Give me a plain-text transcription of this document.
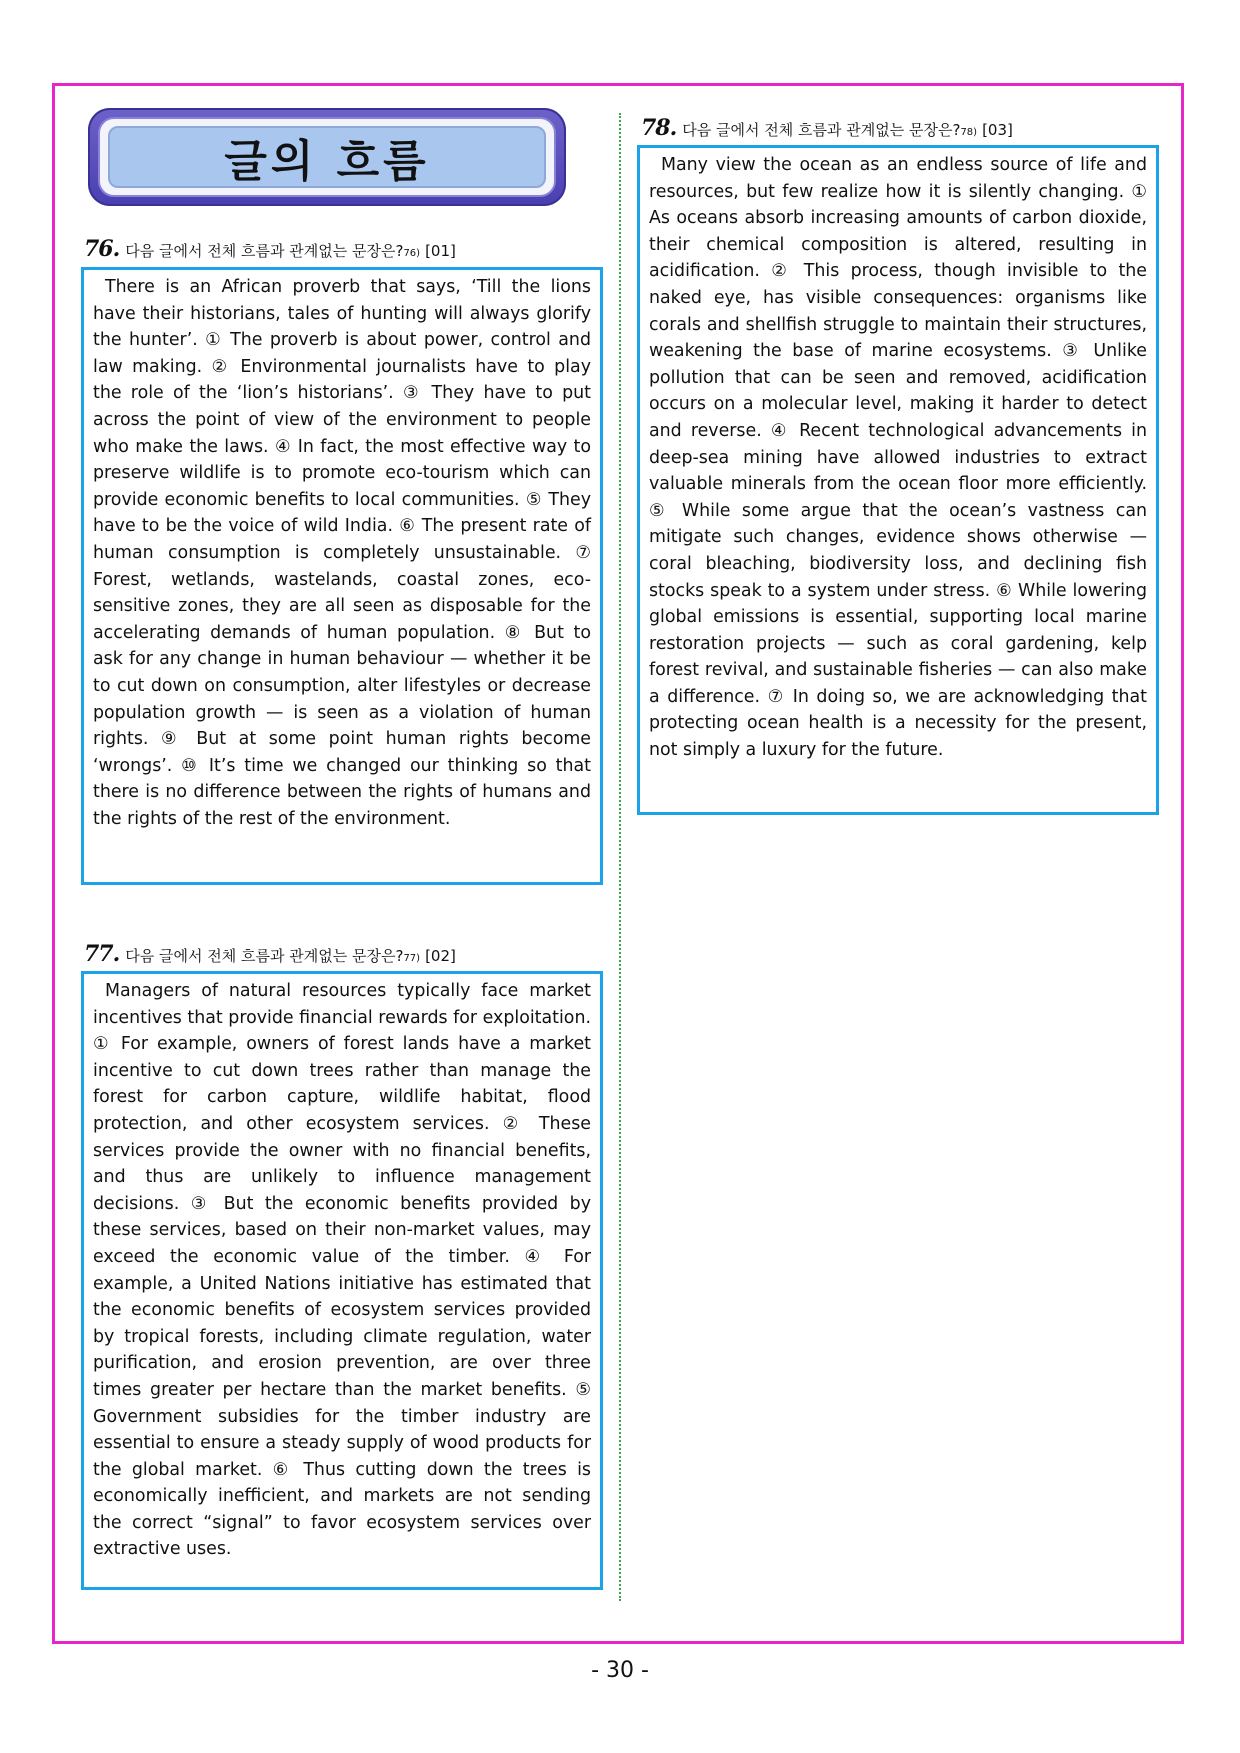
글의 흐름
76 . 다음 글에서 전체 흐름과 관계없는 문장은? 76) [01]
There is an African proverb that says, ‘Till the lions have their historians, tales of hunting will always glorify the hunter’. ① The proverb is about power, control and law making. ② Environmental journalists have to play the role of the ‘lion’s historians’. ③ They have to put across the point of view of the environment to people who make the laws. ④ In fact, the most effective way to preserve wildlife is to promote eco-tourism which can provide economic benefits to local communities. ⑤ They have to be the voice of wild India. ⑥ The present rate of human consumption is completely unsustainable. ⑦ Forest, wetlands, wastelands, coastal zones, eco-sensitive zones, they are all seen as disposable for the accelerating demands of human population. ⑧ But to ask for any change in human behaviour — whether it be to cut down on consumption, alter lifestyles or decrease population growth — is seen as a violation of human rights. ⑨ But at some point human rights become ‘wrongs’. ⑩ It’s time we changed our thinking so that there is no difference between the rights of humans and the rights of the rest of the environment.
77 . 다음 글에서 전체 흐름과 관계없는 문장은? 77) [02]
Managers of natural resources typically face market incentives that provide financial rewards for exploitation. ① For example, owners of forest lands have a market incentive to cut down trees rather than manage the forest for carbon capture, wildlife habitat, flood protection, and other ecosystem services. ② These services provide the owner with no financial benefits, and thus are unlikely to influence management decisions. ③ But the economic benefits provided by these services, based on their non-market values, may exceed the economic value of the timber. ④ For example, a United Nations initiative has estimated that the economic benefits of ecosystem services provided by tropical forests, including climate regulation, water purification, and erosion prevention, are over three times greater per hectare than the market benefits. ⑤ Government subsidies for the timber industry are essential to ensure a steady supply of wood products for the global market. ⑥ Thus cutting down the trees is economically inefficient, and markets are not sending the correct “signal” to favor ecosystem services over extractive uses.
78 . 다음 글에서 전체 흐름과 관계없는 문장은? 78) [03]
Many view the ocean as an endless source of life and resources, but few realize how it is silently changing. ① As oceans absorb increasing amounts of carbon dioxide, their chemical composition is altered, resulting in acidification. ② This process, though invisible to the naked eye, has visible consequences: organisms like corals and shellfish struggle to maintain their structures, weakening the base of marine ecosystems. ③ Unlike pollution that can be seen and removed, acidification occurs on a molecular level, making it harder to detect and reverse. ④ Recent technological advancements in deep-sea mining have allowed industries to extract valuable minerals from the ocean floor more efficiently. ⑤ While some argue that the ocean’s vastness can mitigate such changes, evidence shows otherwise — coral bleaching, biodiversity loss, and declining fish stocks speak to a system under stress. ⑥ While lowering global emissions is essential, supporting local marine restoration projects — such as coral gardening, kelp forest revival, and sustainable fisheries — can also make a difference. ⑦ In doing so, we are acknowledging that protecting ocean health is a necessity for the present, not simply a luxury for the future.
- 30 -
